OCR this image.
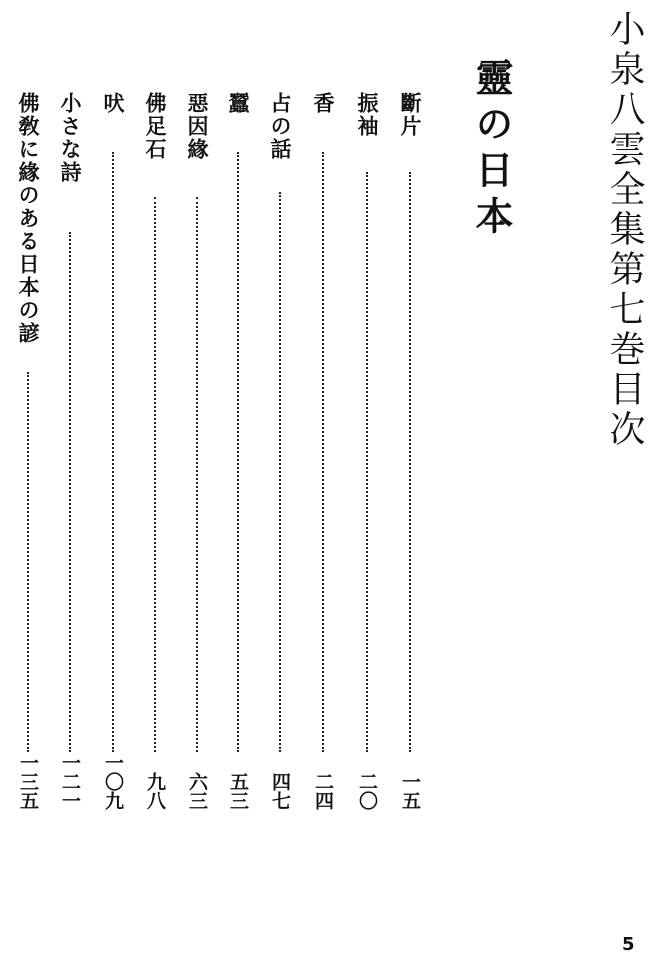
小泉八雲全集第七巻目次
靈の日本
斷片
一五
振袖
二〇
香
二四
占の話
四七
蠶
五三
惡因緣
六三
佛足石
九八
吠
一〇九
小さな詩
一二一
佛敎に緣のある日本の諺
一三五
5
